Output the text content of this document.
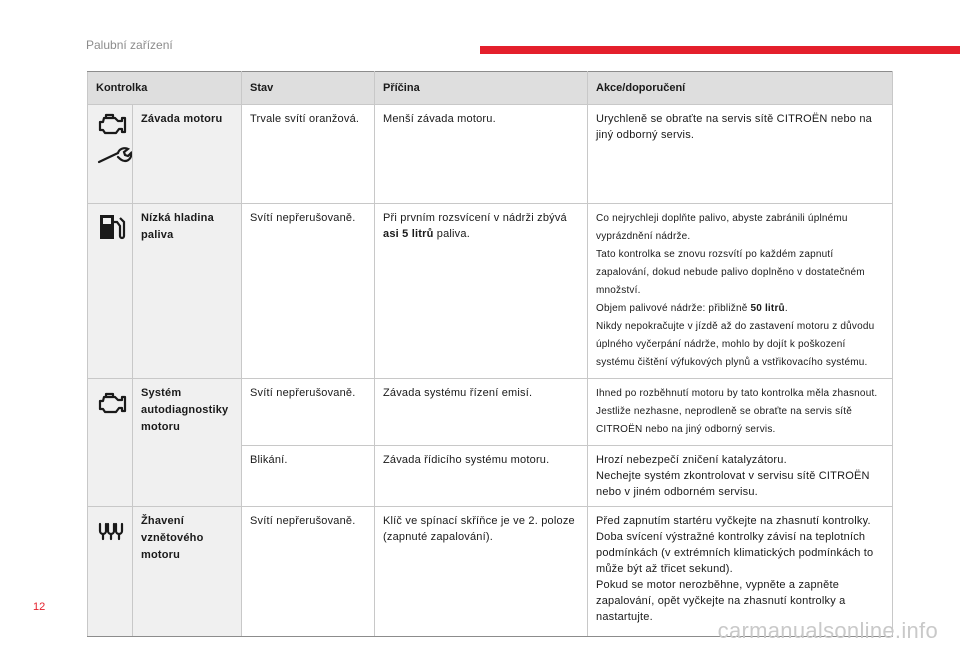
Palubní zařízení
Kontrolka		Stav	Příčina	Akce/doporučení

	Závada motoru	Trvale svítí oranžová.	Menší závada motoru.	Urychleně se obraťte na servis sítě CITROËN nebo na jiný odborný servis.

	Nízká hladina paliva	Svítí nepřerušovaně.	Při prvním rozsvícení v nádrži zbývá asi 5 litrů paliva.	Co nejrychleji doplňte palivo, abyste zabránili úplnému vyprázdnění nádrže.
Tato kontrolka se znovu rozsvítí po každém zapnutí zapalování, dokud nebude palivo doplněno v dostatečném množství.
Objem palivové nádrže: přibližně 50 litrů.
Nikdy nepokračujte v jízdě až do zastavení motoru z důvodu úplného vyčerpání nádrže, mohlo by dojít k poškození systému čištění výfukových plynů a vstřikovacího systému.

	Systém autodiagnostiky motoru	Svítí nepřerušovaně.	Závada systému řízení emisí.	Ihned po rozběhnutí motoru by tato kontrolka měla zhasnout. Jestliže nezhasne, neprodleně se obraťte na servis sítě CITROËN nebo na jiný odborný servis.
		Blikání.	Závada řídicího systému motoru.	Hrozí nebezpečí zničení katalyzátoru.
Nechejte systém zkontrolovat v servisu sítě CITROËN nebo v jiném odborném servisu.

	Žhavení vznětového motoru	Svítí nepřerušovaně.	Klíč ve spínací skříňce je ve 2. poloze (zapnuté zapalování).	Před zapnutím startéru vyčkejte na zhasnutí kontrolky. Doba svícení výstražné kontrolky závisí na teplotních podmínkách (v extrémních klimatických podmínkách to může být až třicet sekund).
Pokud se motor nerozběhne, vypněte a zapněte zapalování, opět vyčkejte na zhasnutí kontrolky a nastartujte.
12
carmanualsonline.info
